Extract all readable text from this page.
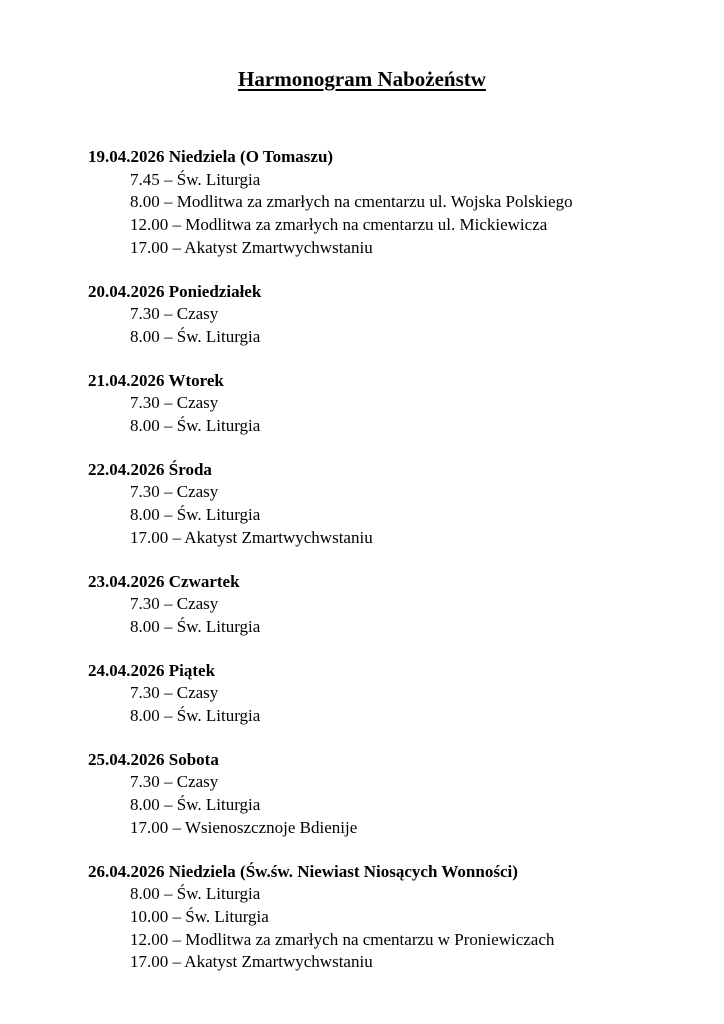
Harmonogram Nabożeństw

19.04.2026 Niedziela (O Tomaszu)

7.45 – Św. Liturgia

8.00 – Modlitwa za zmarłych na cmentarzu ul. Wojska Polskiego

12.00 – Modlitwa za zmarłych na cmentarzu ul. Mickiewicza

17.00 – Akatyst Zmartwychwstaniu

20.04.2026 Poniedziałek

7.30 – Czasy

8.00 – Św. Liturgia

21.04.2026 Wtorek

7.30 – Czasy

8.00 – Św. Liturgia

22.04.2026 Środa

7.30 – Czasy

8.00 – Św. Liturgia

17.00 – Akatyst Zmartwychwstaniu

23.04.2026 Czwartek

7.30 – Czasy

8.00 – Św. Liturgia

24.04.2026 Piątek

7.30 – Czasy

8.00 – Św. Liturgia

25.04.2026 Sobota

7.30 – Czasy

8.00 – Św. Liturgia

17.00 – Wsienoszcznoje Bdienije

26.04.2026 Niedziela (Św.św. Niewiast Niosących Wonności)

8.00 – Św. Liturgia

10.00 – Św. Liturgia

12.00 – Modlitwa za zmarłych na cmentarzu w Proniewiczach

17.00 – Akatyst Zmartwychwstaniu
